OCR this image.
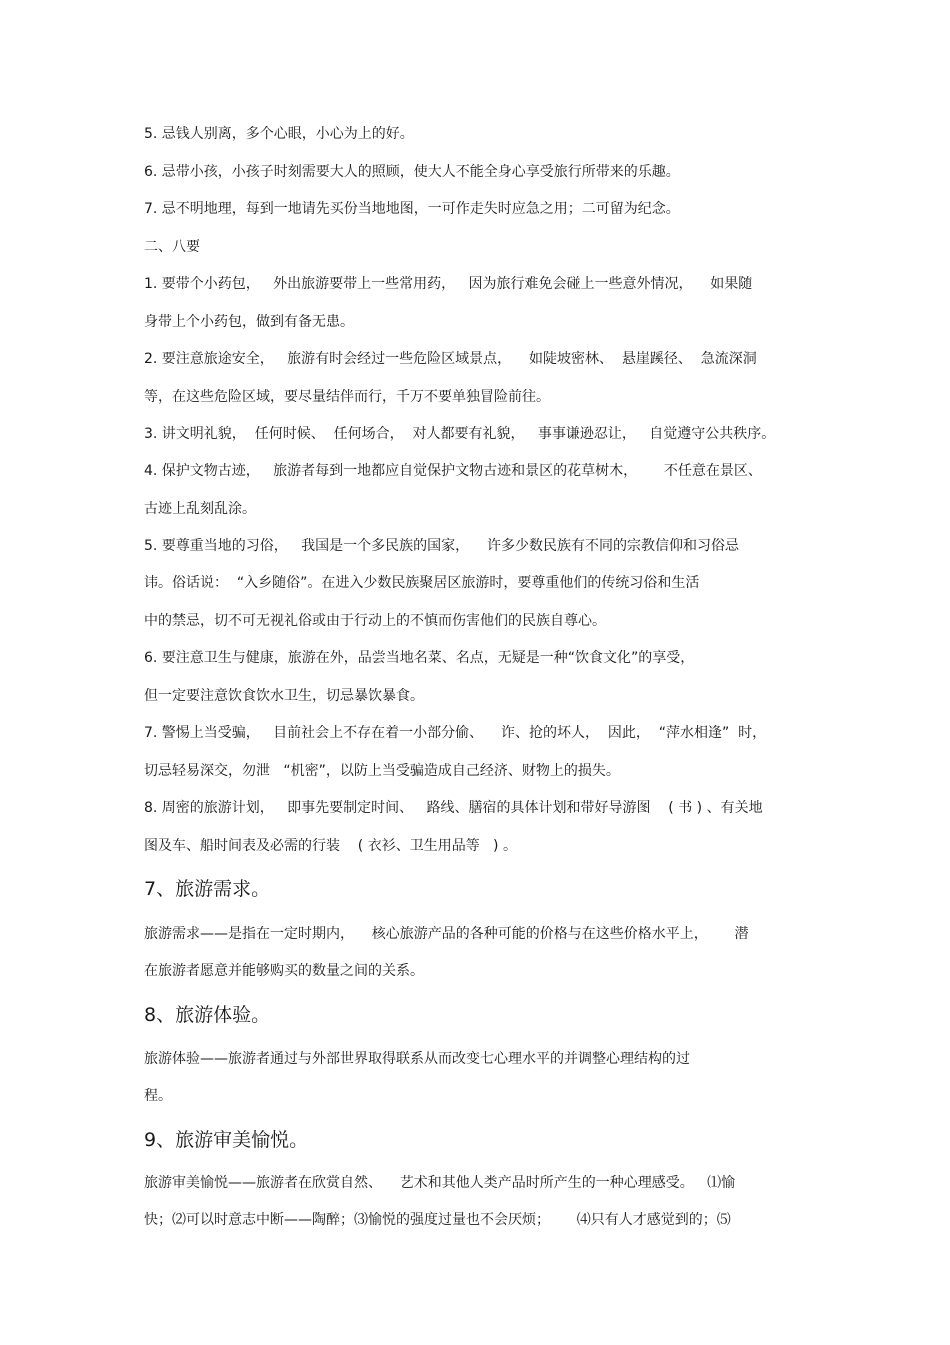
5. 忌钱人别离，多个心眼，小心为上的好。
6. 忌带小孩，小孩子时刻需要大人的照顾，使大人不能全身心享受旅行所带来的乐趣。
7. 忌不明地理，每到一地请先买份当地地图，一可作走失时应急之用；二可留为纪念。
二、八要
1. 要带个小药包，   外出旅游要带上一些常用药，   因为旅行难免会碰上一些意外情况，    如果随
身带上个小药包，做到有备无患。
2. 要注意旅途安全，   旅游有时会经过一些危险区域景点，    如陡坡密林、  悬崖蹊径、  急流深洞
等，在这些危险区域，要尽量结伴而行，千万不要单独冒险前往。
3. 讲文明礼貌，  任何时候、  任何场合，  对人都要有礼貌，   事事谦逊忍让，   自觉遵守公共秩序。
4. 保护文物古迹，   旅游者每到一地都应自觉保护文物古迹和景区的花草树木，      不任意在景区、
古迹上乱刻乱涂。
5. 要尊重当地的习俗，   我国是一个多民族的国家，    许多少数民族有不同的宗教信仰和习俗忌
讳。俗话说：  “入乡随俗”。在进入少数民族聚居区旅游时，要尊重他们的传统习俗和生活
中的禁忌，切不可无视礼俗或由于行动上的不慎而伤害他们的民族自尊心。
6. 要注意卫生与健康，旅游在外，品尝当地名菜、名点，无疑是一种“饮食文化”的享受，
但一定要注意饮食饮水卫生，切忌暴饮暴食。
7. 警惕上当受骗，   目前社会上不存在着一小部分偷、    诈、抢的坏人，  因此，  “萍水相逢”  时，
切忌轻易深交，勿泄   “机密”，以防上当受骗造成自己经济、财物上的损失。
8. 周密的旅游计划，   即事先要制定时间、   路线、膳宿的具体计划和带好导游图    ( 书 ) 、有关地
图及车、船时间表及必需的行装    ( 衣衫、卫生用品等   ) 。
7、旅游需求。
旅游需求——是指在一定时期内，    核心旅游产品的各种可能的价格与在这些价格水平上，      潜
在旅游者愿意并能够购买的数量之间的关系。
8、旅游体验。
旅游体验——旅游者通过与外部世界取得联系从而改变七心理水平的并调整心理结构的过
程。
9、旅游审美愉悦。
旅游审美愉悦——旅游者在欣赏自然、    艺术和其他人类产品时所产生的一种心理感受。   ⑴愉
快；⑵可以时意志中断——陶醉；⑶愉悦的强度过量也不会厌烦；      ⑷只有人才感觉到的；⑸
